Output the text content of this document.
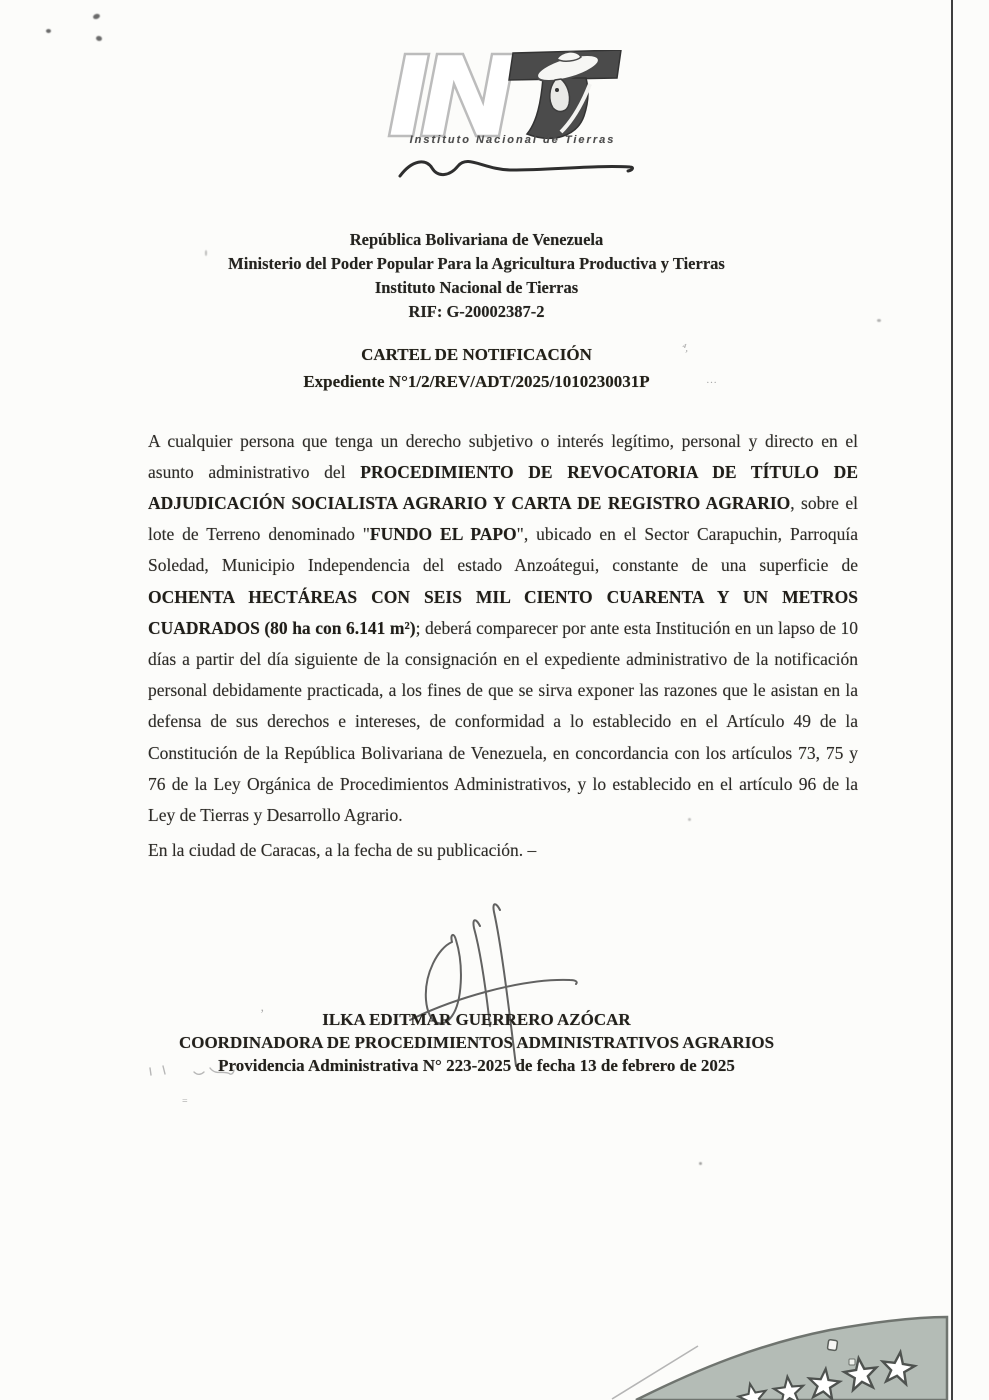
Instituto Nacional de Tierras
República Bolivariana de Venezuela
Ministerio del Poder Popular Para la Agricultura Productiva y Tierras
Instituto Nacional de Tierras
RIF: G-20002387-2
CARTEL DE NOTIFICACIÓN
Expediente N°1/2/REV/ADT/2025/1010230031P

A cualquier persona que tenga un derecho subjetivo o interés legítimo, personal y directo en el asunto administrativo del PROCEDIMIENTO DE REVOCATORIA DE TÍTULO DE ADJUDICACIÓN SOCIALISTA AGRARIO Y CARTA DE REGISTRO AGRARIO, sobre el lote de Terreno denominado "FUNDO EL PAPO", ubicado en el Sector Carapuchin, Parroquía Soledad, Municipio Independencia del estado Anzoátegui, constante de una superficie de OCHENTA HECTÁREAS CON SEIS MIL CIENTO CUARENTA Y UN METROS CUADRADOS (80 ha con 6.141 m²); deberá comparecer por ante esta Institución en un lapso de 10 días a partir del día siguiente de la consignación en el expediente administrativo de la notificación personal debidamente practicada, a los fines de que se sirva exponer las razones que le asistan en la defensa de sus derechos e intereses, de conformidad a lo establecido en el Artículo 49 de la Constitución de la República Bolivariana de Venezuela, en concordancia con los artículos 73, 75 y 76 de la Ley Orgánica de Procedimientos Administrativos, y lo establecido en el artículo 96 de la Ley de Tierras y Desarrollo Agrario.

En la ciudad de Caracas, a la fecha de su publicación. –
ILKA EDITMAR GUERRERO AZÓCAR
COORDINADORA DE PROCEDIMIENTOS ADMINISTRATIVOS AGRARIOS
Providencia Administrativa N° 223-2025 de fecha 13 de febrero de 2025
⁴,
…
’
=
